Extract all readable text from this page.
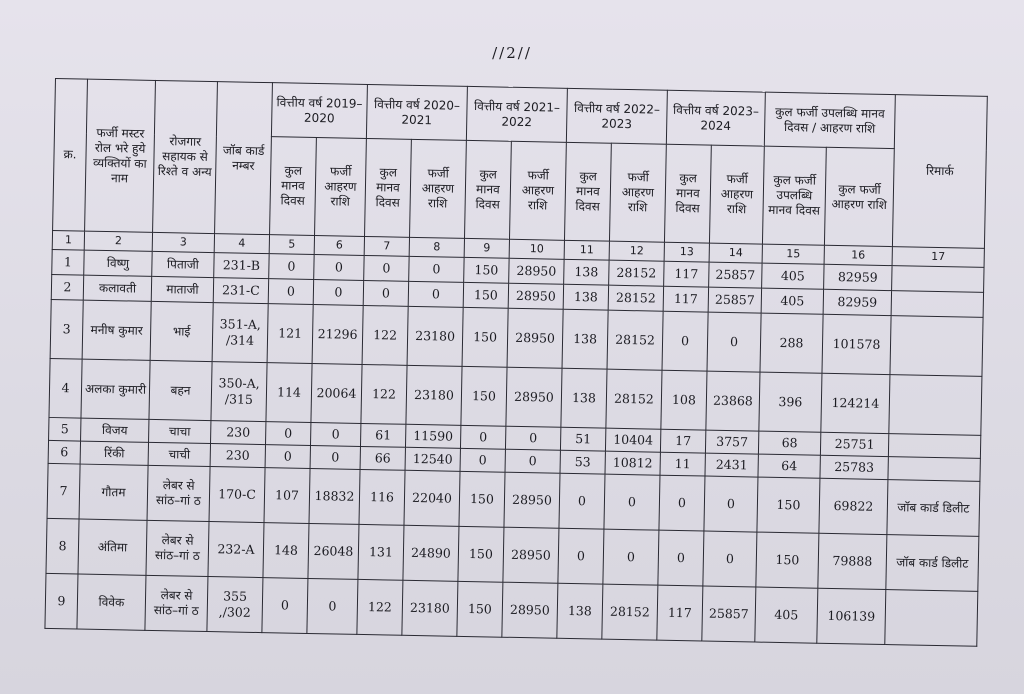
//2//
क्र.	फर्जी मस्टर रोल भरे हुये व्यक्तियों का नाम	रोजगार सहायक से रिश्ते व अन्य	जॉब कार्ड नम्बर	वित्तीय वर्ष 2019–2020		वित्तीय वर्ष 2020–2021		वित्तीय वर्ष 2021–2022		वित्तीय वर्ष 2022–2023		वित्तीय वर्ष 2023–2024		कुल फर्जी उपलब्धि मानव दिवस / आहरण राशि		रिमार्क
				कुल मानव दिवस	फर्जी आहरण राशि	कुल मानव दिवस	फर्जी आहरण राशि	कुल मानव दिवस	फर्जी आहरण राशि	कुल मानव दिवस	फर्जी आहरण राशि	कुल मानव दिवस	फर्जी आहरण राशि	कुल फर्जी उपलब्धि मानव दिवस	कुल फर्जी आहरण राशि	
1	2	3	4	5	6	7	8	9	10	11	12	13	14	15	16	17
1	विष्णु	पिताजी	231-B	0	0	0	0	150	28950	138	28152	117	25857	405	82959	
2	कलावती	माताजी	231-C	0	0	0	0	150	28950	138	28152	117	25857	405	82959	
3	मनीष कुमार	भाई	351-A, /314	121	21296	122	23180	150	28950	138	28152	0	0	288	101578	
4	अलका कुमारी	बहन	350-A, /315	114	20064	122	23180	150	28950	138	28152	108	23868	396	124214	
5	विजय	चाचा	230	0	0	61	11590	0	0	51	10404	17	3757	68	25751	
6	रिंकी	चाची	230	0	0	66	12540	0	0	53	10812	11	2431	64	25783	
7	गौतम	लेबर से सांठ–गां ठ	170-C	107	18832	116	22040	150	28950	0	0	0	0	150	69822	जॉब कार्ड डिलीट
8	अंतिमा	लेबर से सांठ–गां ठ	232-A	148	26048	131	24890	150	28950	0	0	0	0	150	79888	जॉब कार्ड डिलीट
9	विवेक	लेबर से सांठ–गां ठ	355 ,/302	0	0	122	23180	150	28950	138	28152	117	25857	405	106139	
